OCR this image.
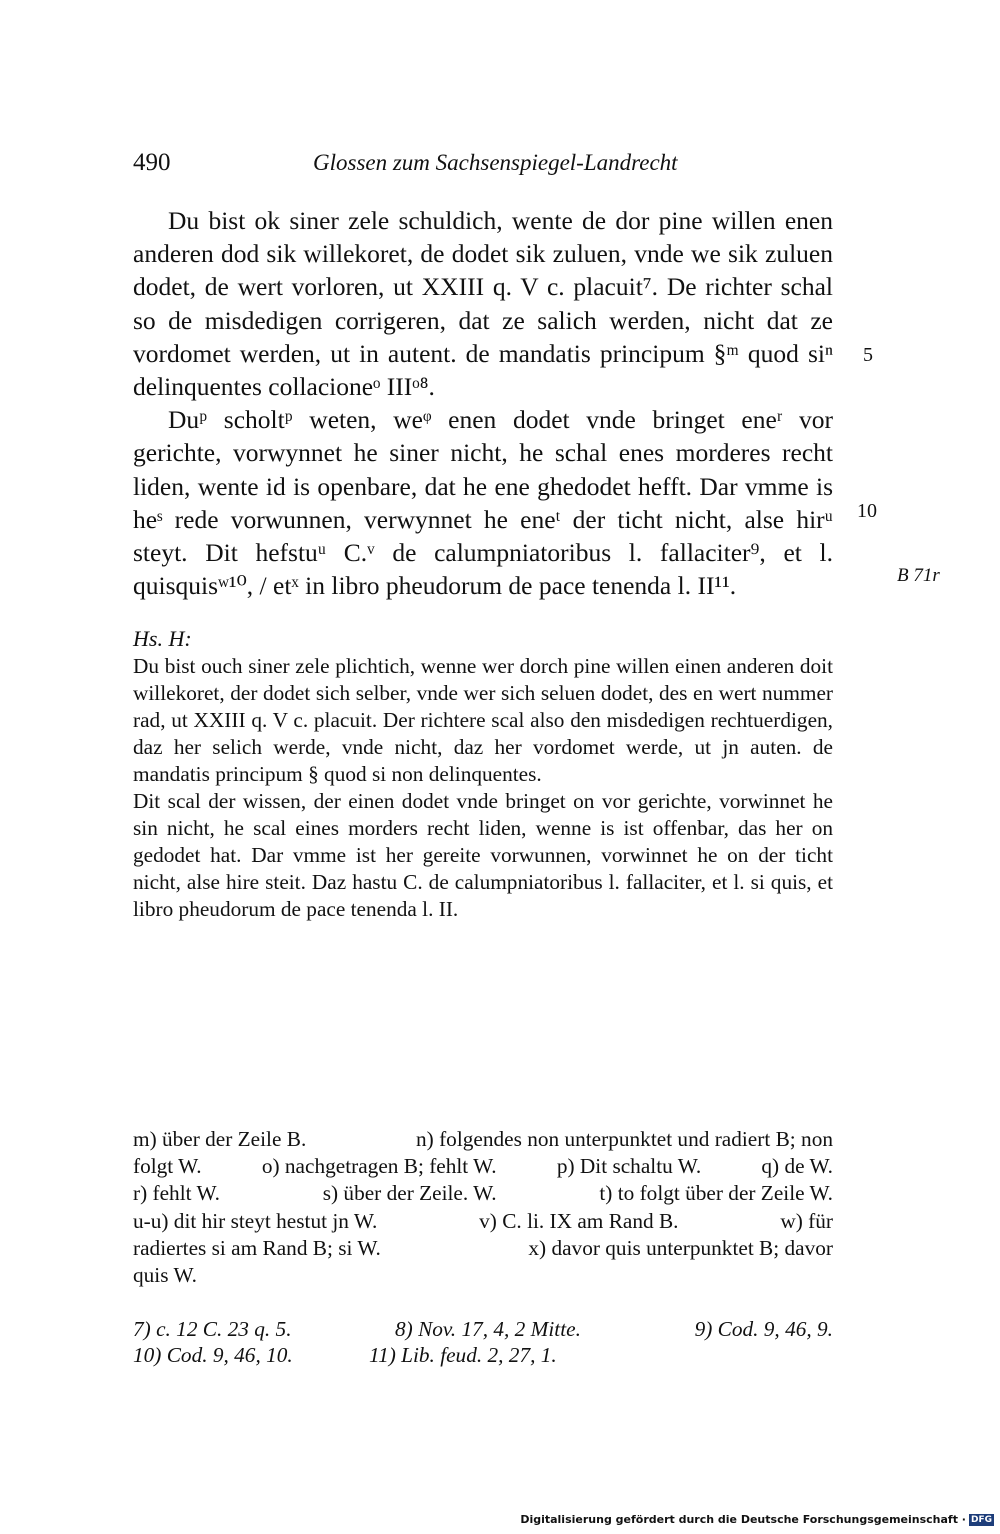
490	Glossen zum Sachsenspiegel-Landrecht

Du bist ok siner zele schuldich, wente de dor pine willen enen anderen dod sik willekoret, de dodet sik zuluen, vnde we sik zuluen dodet, de wert vorloren, ut XXIII q. V c. placuit⁷. De richter schal so de misdedigen corrigeren, dat ze salich werden, nicht dat ze vordomet werden, ut in autent. de mandatis principum §ᵐ quod siⁿ delinquentes collacioneᵒ IIIᵒ⁸.

Duᵖ scholtᵖ weten, weᵠ enen dodet vnde bringet eneʳ vor gerichte, vorwynnet he siner nicht, he schal enes morderes recht liden, wente id is openbare, dat he ene ghedodet hefft. Dar vmme is heˢ rede vorwunnen, verwynnet he eneᵗ der ticht nicht, alse hirᵘ steyt. Dit hefstuᵘ C.ᵛ de calumpniatoribus l. fallaciter⁹, et l. quisquisʷ¹⁰, / etˣ in libro pheudorum de pace tenenda l. II¹¹.

5
10
B 71r
Hs. H:

Du bist ouch siner zele plichtich, wenne wer dorch pine willen einen anderen doit willekoret, der dodet sich selber, vnde wer sich seluen dodet, des en wert nummer rad, ut XXIII q. V c. placuit. Der richtere scal also den misdedigen rechtuerdigen, daz her selich werde, vnde nicht, daz her vordomet werde, ut jn auten. de mandatis principum § quod si non delinquentes.

Dit scal der wissen, der einen dodet vnde bringet on vor gerichte, vorwinnet he sin nicht, he scal eines morders recht liden, wenne is ist offenbar, das her on gedodet hat. Dar vmme ist her gereite vorwunnen, vorwinnet he on der ticht nicht, alse hire steit. Daz hastu C. de calumpniatoribus l. fallaciter, et l. si quis, et libro pheudorum de pace tenenda l. II.

m) über der Zeile B.	n) folgendes non unterpunktet und radiert B; non
folgt W.	o) nachgetragen B; fehlt W.	p) Dit schaltu W.	q) de W.
r) fehlt W.	s) über der Zeile. W.	t) to folgt über der Zeile W.
u-u) dit hir steyt hestut jn W.	v) C. li. IX am Rand B.	w) für
radiertes si am Rand B; si W.	x) davor quis unterpunktet B; davor
quis W.
7) c. 12 C. 23 q. 5.	8) Nov. 17, 4, 2 Mitte.	9) Cod. 9, 46, 9.
10) Cod. 9, 46, 10.	11) Lib. feud. 2, 27, 1.
Digitalisierung gefördert durch die Deutsche Forschungsgemeinschaft · DFG
